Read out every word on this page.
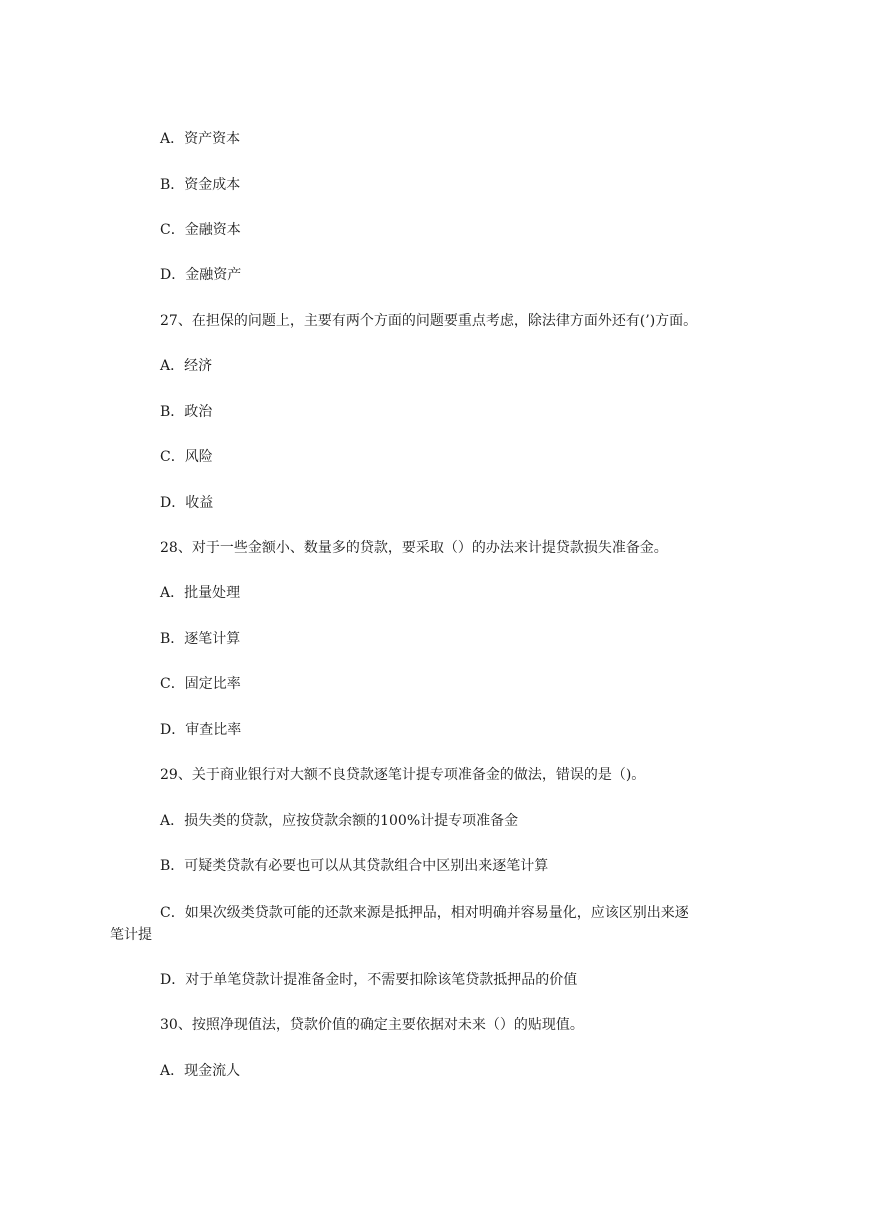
A．资产资本
B．资金成本
C．金融资本
D．金融资产
27、在担保的问题上，主要有两个方面的问题要重点考虑，除法律方面外还有(’)方面。
A．经济
B．政治
C．风险
D．收益
28、对于一些金额小、数量多的贷款，要采取（）的办法来计提贷款损失准备金。
A．批量处理
B．逐笔计算
C．固定比率
D．审查比率
29、关于商业银行对大额不良贷款逐笔计提专项准备金的做法，错误的是（)。
A．损失类的贷款，应按贷款余额的100%计提专项准备金
B．可疑类贷款有必要也可以从其贷款组合中区别出来逐笔计算
C．如果次级类贷款可能的还款来源是抵押品，相对明确并容易量化，应该区别出来逐
笔计提
D．对于单笔贷款计提准备金时，不需要扣除该笔贷款抵押品的价值
30、按照净现值法，贷款价值的确定主要依据对未来（）的贴现值。
A．现金流人
